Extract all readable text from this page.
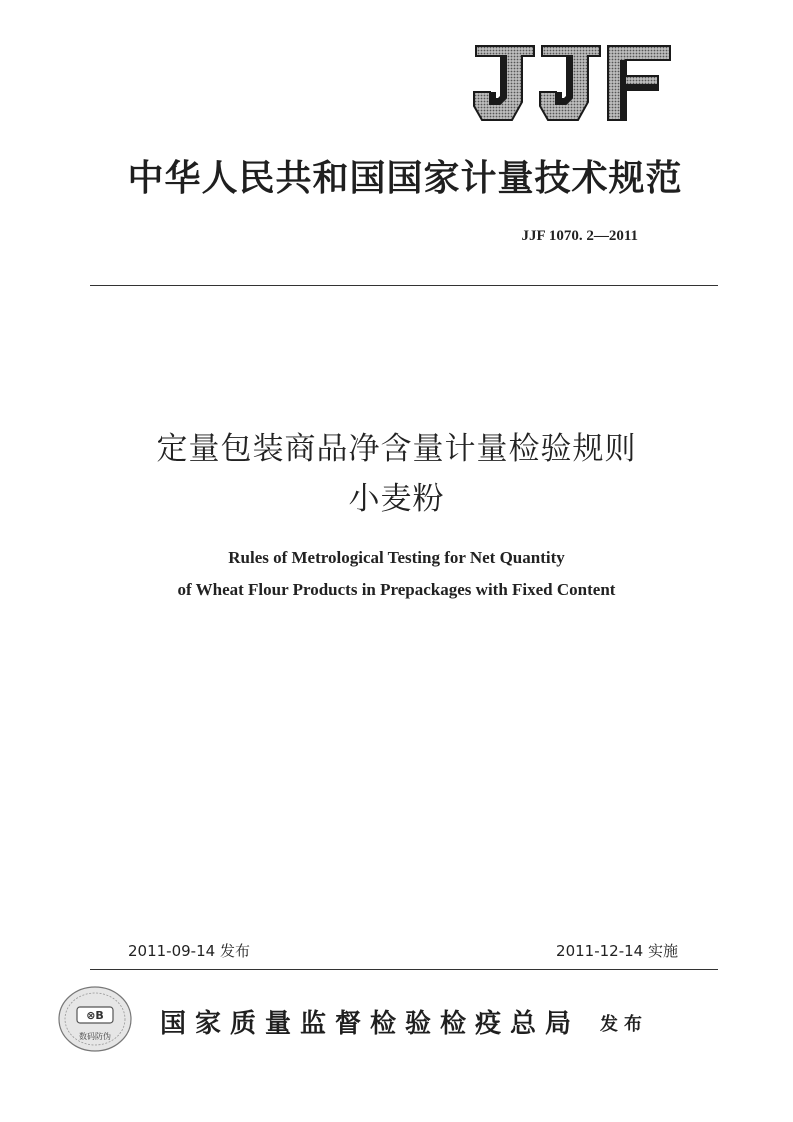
中华人民共和国国家计量技术规范
JJF 1070. 2—2011
定量包装商品净含量计量检验规则
小麦粉
Rules of Metrological Testing for Net Quantity
of Wheat Flour Products in Prepackages with Fixed Content
2011-09-14 发布	2011-12-14 实施
⊗B
数码防伪 国家质量监督检验检疫总局 发布
